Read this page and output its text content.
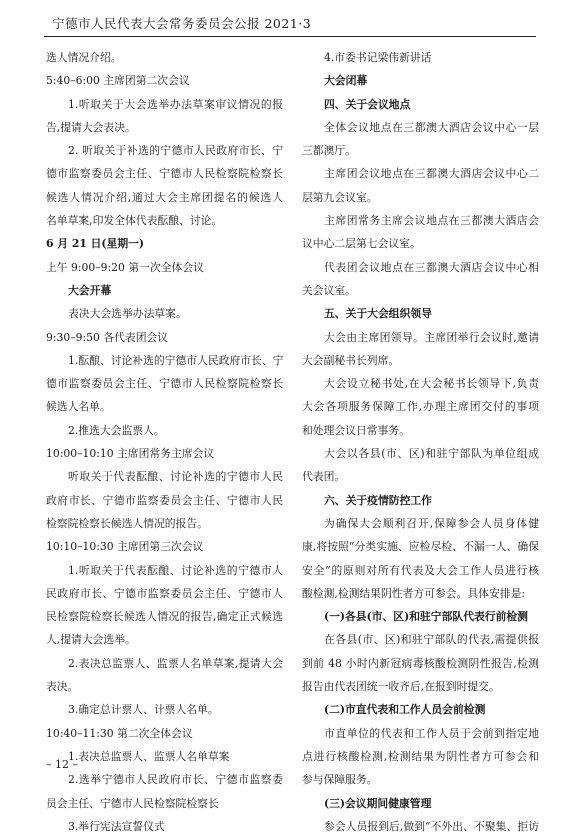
宁德市人民代表大会常务委员会公报 2021·3
选人情况介绍。
5:40–6:00 主席团第二次会议
1.听取关于大会选举办法草案审议情况的报
告,提请大会表决。
2. 听取关于补选的宁德市人民政府市长、宁
德市监察委员会主任、宁德市人民检察院检察长
候选人情况介绍,通过大会主席团提名的候选人
名单草案,印发全体代表酝酿、讨论。
6 月 21 日(星期一)
上午 9:00–9:20 第一次全体会议
大会开幕
表决大会选举办法草案。
9:30–9:50 各代表团会议
1.酝酿、讨论补选的宁德市人民政府市长、宁
德市监察委员会主任、宁德市人民检察院检察长
候选人名单。
2.推选大会监票人。
10:00–10:10 主席团常务主席会议
听取关于代表酝酿、讨论补选的宁德市人民
政府市长、宁德市监察委员会主任、宁德市人民
检察院检察长候选人情况的报告。
10:10–10:30 主席团第三次会议
1.听取关于代表酝酿、讨论补选的宁德市人
民政府市长、宁德市监察委员会主任、宁德市人
民检察院检察长候选人情况的报告,确定正式候选
人,提请大会选举。
2.表决总监票人、监票人名单草案,提请大会
表决。
3.确定总计票人、计票人名单。
10:40–11:30 第二次全体会议
1.表决总监票人、监票人名单草案
2.选举宁德市人民政府市长、宁德市监察委
员会主任、宁德市人民检察院检察长
3.举行宪法宣誓仪式
4.市委书记梁伟新讲话
大会闭幕
四、关于会议地点
全体会议地点在三都澳大酒店会议中心一层
三都澳厅。
主席团会议地点在三都澳大酒店会议中心二
层第九会议室。
主席团常务主席会议地点在三都澳大酒店会
议中心二层第七会议室。
代表团会议地点在三都澳大酒店会议中心相
关会议室。
五、关于大会组织领导
大会由主席团领导。主席团举行会议时,邀请
大会副秘书长列席。
大会设立秘书处,在大会秘书长领导下,负责
大会各项服务保障工作,办理主席团交付的事项
和处理会议日常事务。
大会以各县(市、区)和驻宁部队为单位组成
代表团。
六、关于疫情防控工作
为确保大会顺利召开,保障参会人员身体健
康,将按照“分类实施、应检尽检、不漏一人、确保
安全”的原则对所有代表及大会工作人员进行核
酸检测,检测结果阴性者方可参会。具体安排是:
(一)各县(市、区)和驻宁部队代表行前检测
在各县(市、区)和驻宁部队的代表,需提供报
到前 48 小时内新冠病毒核酸检测阴性报告,检测
报告由代表团统一收齐后,在报到时提交。
(二)市直代表和工作人员会前检测
市直单位的代表和工作人员于会前到指定地
点进行核酸检测,检测结果为阴性者方可参会和
参与保障服务。
(三)会议期间健康管理
参会人员报到后,做到“不外出、不聚集、拒访
– 12 –
